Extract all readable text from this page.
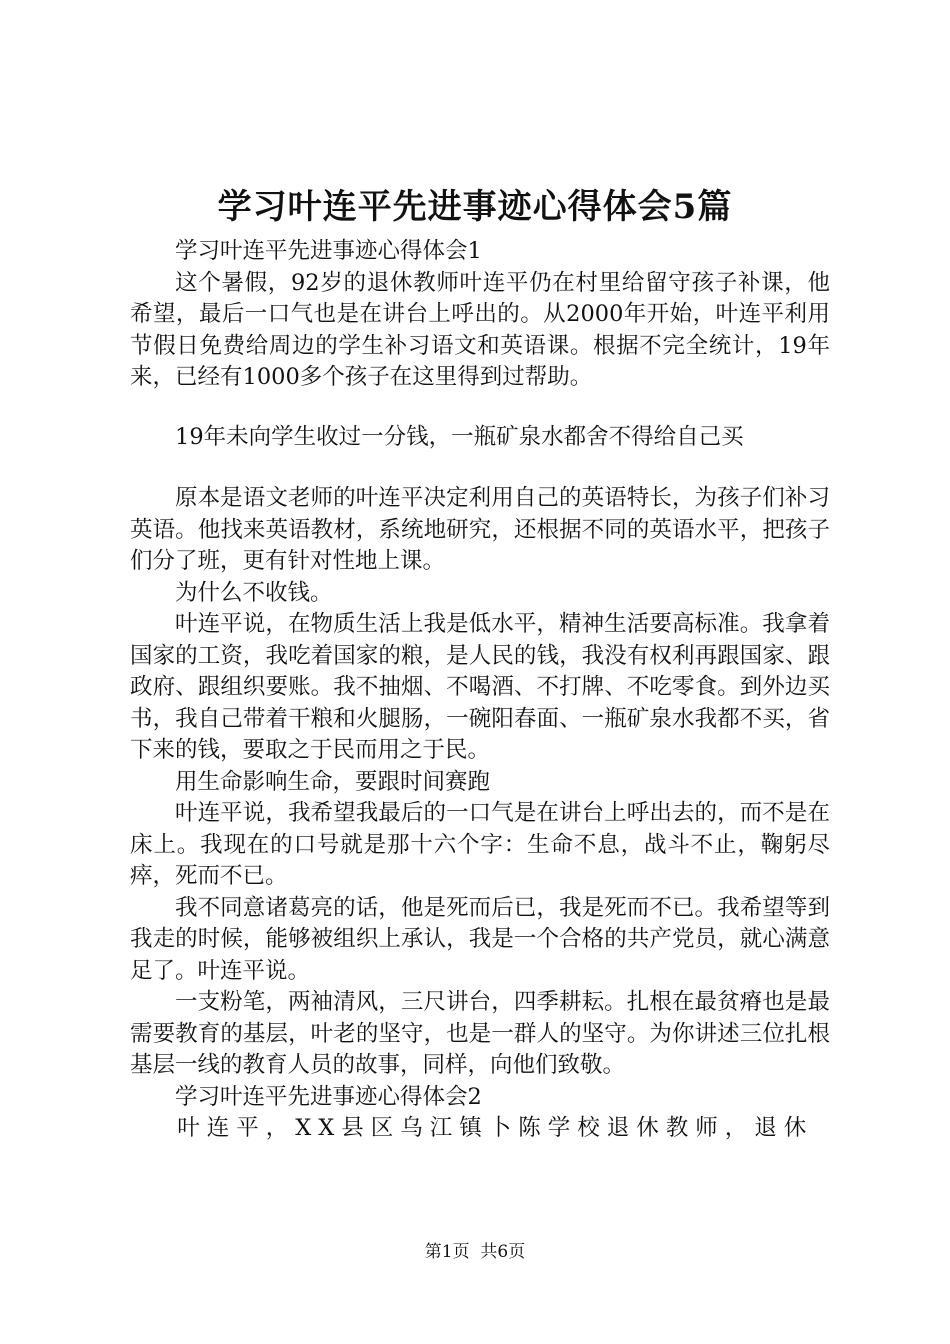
学习叶连平先进事迹心得体会5篇

学习叶连平先进事迹心得体会1

这个暑假，92岁的退休教师叶连平仍在村里给留守孩子补课，他希望，最后一口气也是在讲台上呼出的。从2000年开始，叶连平利用节假日免费给周边的学生补习语文和英语课。根据不完全统计，19年来，已经有1000多个孩子在这里得到过帮助。

19年未向学生收过一分钱，一瓶矿泉水都舍不得给自己买

原本是语文老师的叶连平决定利用自己的英语特长，为孩子们补习英语。他找来英语教材，系统地研究，还根据不同的英语水平，把孩子们分了班，更有针对性地上课。

为什么不收钱。

叶连平说，在物质生活上我是低水平，精神生活要高标准。我拿着国家的工资，我吃着国家的粮，是人民的钱，我没有权利再跟国家、跟政府、跟组织要账。我不抽烟、不喝酒、不打牌、不吃零食。到外边买书，我自己带着干粮和火腿肠，一碗阳春面、一瓶矿泉水我都不买，省下来的钱，要取之于民而用之于民。

用生命影响生命，要跟时间赛跑

叶连平说，我希望我最后的一口气是在讲台上呼出去的，而不是在床上。我现在的口号就是那十六个字：生命不息，战斗不止，鞠躬尽瘁，死而不已。

我不同意诸葛亮的话，他是死而后已，我是死而不已。我希望等到我走的时候，能够被组织上承认，我是一个合格的共产党员，就心满意足了。叶连平说。

一支粉笔，两袖清风，三尺讲台，四季耕耘。扎根在最贫瘠也是最需要教育的基层，叶老的坚守，也是一群人的坚守。为你讲述三位扎根基层一线的教育人员的故事，同样，向他们致敬。

学习叶连平先进事迹心得体会2

叶连平，XX县区乌江镇卜陈学校退休教师，退休

第1页  共6页
